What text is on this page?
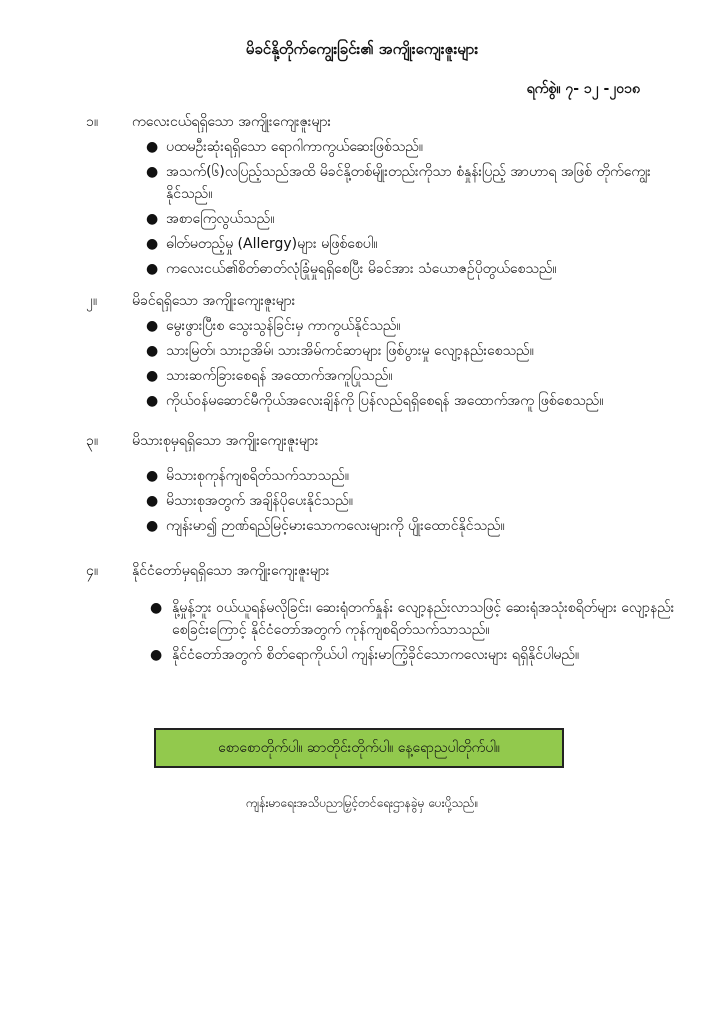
မိခင်နို့တိုက်ကျွေးခြင်း၏ အကျိုးကျေးဇူးများ
ရက်စွဲ။ ၇- ၁၂ -၂၀၁၈
၁။ ကလေးငယ်ရရှိသော အကျိုးကျေးဇူးများ
● ပထမဦးဆုံးရရှိသော ရောဂါကာကွယ်ဆေးဖြစ်သည်။
● အသက်(၆)လပြည့်သည်အထိ မိခင်နို့တစ်မျိုးတည်းကိုသာ စံနှုန်းပြည့် အာဟာရ အဖြစ် တိုက်ကျွေးနိုင်သည်။
● အစာကြေလွယ်သည်။
● ဓါတ်မတည့်မှု (Allergy)များ မဖြစ်စေပါ။
● ကလေးငယ်၏စိတ်ဓာတ်လုံခြုံမှုရရှိစေပြီး မိခင်အား သံယောဇဉ်ပိုတွယ်စေသည်။
၂။ မိခင်ရရှိသော အကျိုးကျေးဇူးများ
● မွေးဖွားပြီးစ သွေးသွန်ခြင်းမှ ကာကွယ်နိုင်သည်။
● သားမြတ်၊ သားဥအိမ်၊ သားအိမ်ကင်ဆာများ ဖြစ်ပွားမှု လျော့နည်းစေသည်။
● သားဆက်ခြားစေရန် အထောက်အကူပြုသည်။
● ကိုယ်ဝန်မဆောင်မီကိုယ်အလေးချိန်ကို ပြန်လည်ရရှိစေရန် အထောက်အကူ ဖြစ်စေသည်။
၃။ မိသားစုမှရရှိသော အကျိုးကျေးဇူးများ
● မိသားစုကုန်ကျစရိတ်သက်သာသည်။
● မိသားစုအတွက် အချိန်ပိုပေးနိုင်သည်။
● ကျန်းမာ၍ ဉာဏ်ရည်မြင့်မားသောကလေးများကို ပျိုးထောင်နိုင်သည်။
၄။ နိုင်ငံတော်မှရရှိသော အကျိုးကျေးဇူးများ
● နို့မှုန့်ဘူး ဝယ်ယူရန်မလိုခြင်း၊ ဆေးရုံတက်နှုန်း လျော့နည်းလာသဖြင့် ဆေးရုံအသုံးစရိတ်များ လျော့နည်းစေခြင်းကြောင့် နိုင်ငံတော်အတွက် ကုန်ကျစရိတ်သက်သာသည်။
● နိုင်ငံတော်အတွက် စိတ်ရောကိုယ်ပါ ကျန်းမာကြံ့ခိုင်သောကလေးများ ရရှိနိုင်ပါမည်။
စောစောတိုက်ပါ။ ဆာတိုင်းတိုက်ပါ။ နေ့ရောညပါတိုက်ပါ။
ကျန်းမာရေးအသိပညာမြှင့်တင်ရေးဌာနခွဲမှ ပေးပို့သည်။
